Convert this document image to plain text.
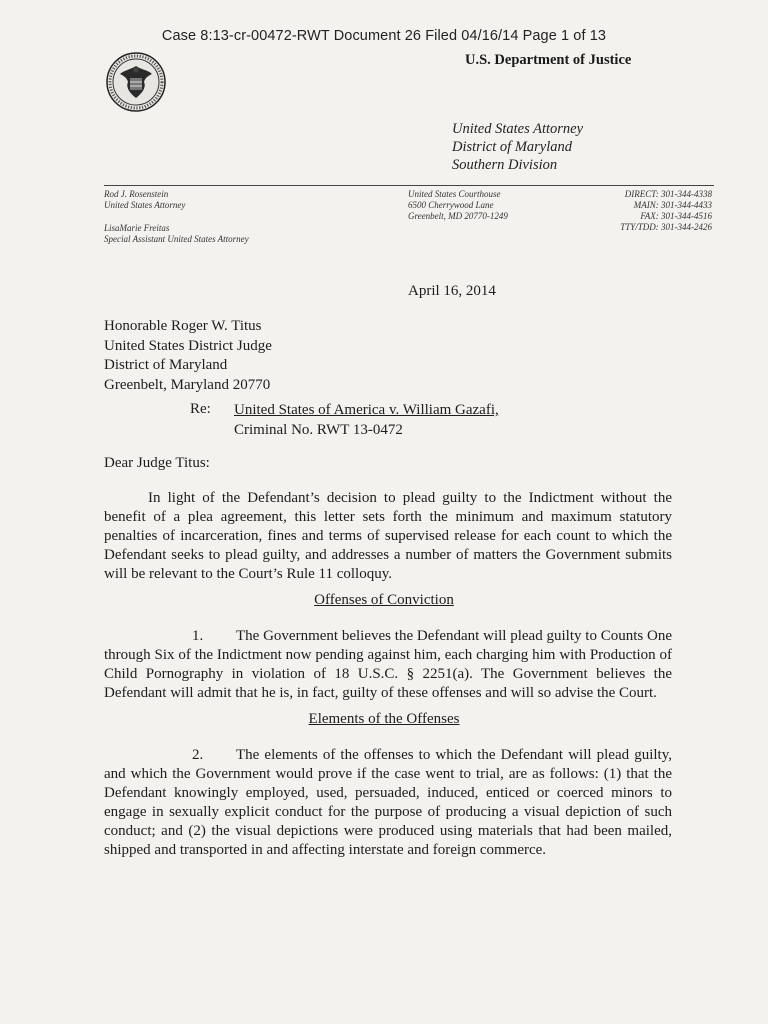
Case 8:13-cr-00472-RWT Document 26 Filed 04/16/14 Page 1 of 13
U.S. Department of Justice
United States Attorney
District of Maryland
Southern Division
Rod J. Rosenstein
United States Attorney
LisaMarie Freitas
Special Assistant United States Attorney
United States Courthouse
6500 Cherrywood Lane
Greenbelt, MD 20770-1249
DIRECT: 301-344-4338
MAIN: 301-344-4433
FAX: 301-344-4516
TTY/TDD: 301-344-2426
April 16, 2014
Honorable Roger W. Titus
United States District Judge
District of Maryland
Greenbelt, Maryland 20770
Re: United States of America v. William Gazafi,
Criminal No. RWT 13-0472
Dear Judge Titus:
In light of the Defendant’s decision to plead guilty to the Indictment without the benefit of a plea agreement, this letter sets forth the minimum and maximum statutory penalties of incarceration, fines and terms of supervised release for each count to which the Defendant seeks to plead guilty, and addresses a number of matters the Government submits will be relevant to the Court’s Rule 11 colloquy.
Offenses of Conviction
1. The Government believes the Defendant will plead guilty to Counts One through Six of the Indictment now pending against him, each charging him with Production of Child Pornography in violation of 18 U.S.C. § 2251(a). The Government believes the Defendant will admit that he is, in fact, guilty of these offenses and will so advise the Court.
Elements of the Offenses
2. The elements of the offenses to which the Defendant will plead guilty, and which the Government would prove if the case went to trial, are as follows: (1) that the Defendant knowingly employed, used, persuaded, induced, enticed or coerced minors to engage in sexually explicit conduct for the purpose of producing a visual depiction of such conduct; and (2) the visual depictions were produced using materials that had been mailed, shipped and transported in and affecting interstate and foreign commerce.
